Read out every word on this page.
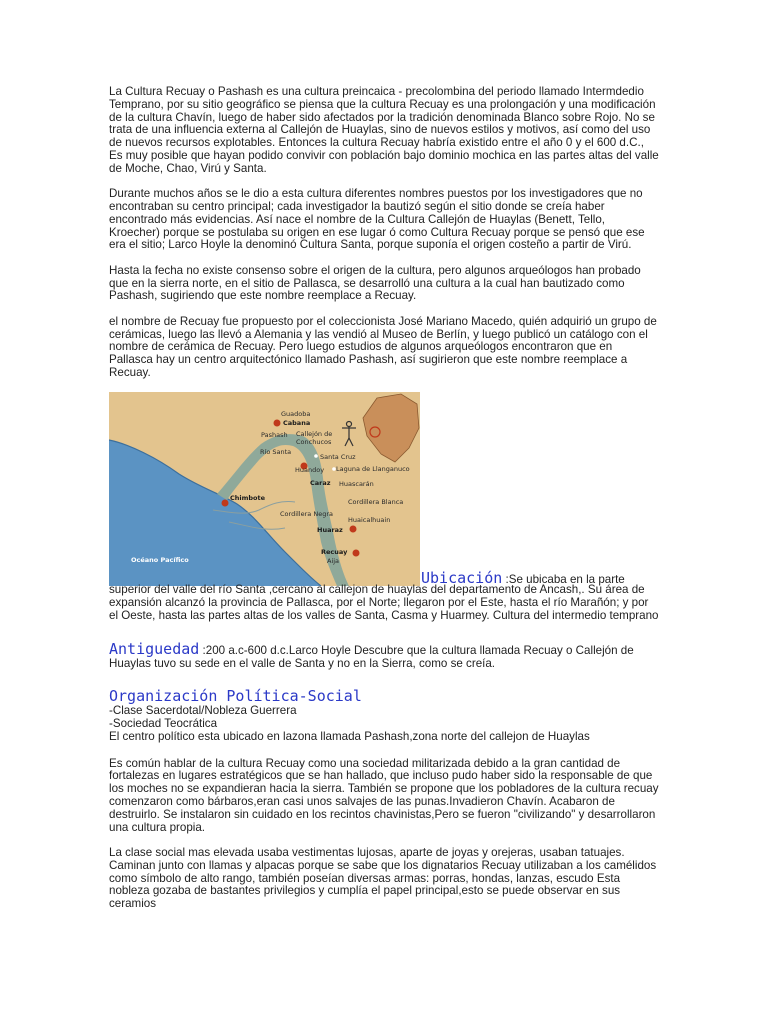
La Cultura Recuay o Pashash es una cultura preincaica - precolombina del periodo llamado Intermdedio Temprano, por su sitio geográfico se piensa que la cultura Recuay es una prolongación y una modificación de la cultura Chavín, luego de haber sido afectados por la tradición denominada Blanco sobre Rojo. No se trata de una influencia externa al Callejón de Huaylas, sino de nuevos estilos y motivos, así como del uso de nuevos recursos explotables. Entonces la cultura Recuay habría existido entre el año 0 y el 600 d.C., Es muy posible que hayan podido convivir con población bajo dominio mochica en las partes altas del valle de Moche, Chao, Virú y Santa.

Durante muchos años se le dio a esta cultura diferentes nombres puestos por los investigadores que no encontraban su centro principal; cada investigador la bautizó según el sitio donde se creía haber encontrado más evidencias. Así nace el nombre de la Cultura Callejón de Huaylas (Benett, Tello, Kroecher) porque se postulaba su origen en ese lugar ó como Cultura Recuay porque se pensó que ese era el sitio; Larco Hoyle la denominó Cultura Santa, porque suponía el origen costeño a partir de Virú.

Hasta la fecha no existe consenso sobre el origen de la cultura, pero algunos arqueólogos han probado que en la sierra norte, en el sitio de Pallasca, se desarrolló una cultura a la cual han bautizado como Pashash, sugiriendo que este nombre reemplace a Recuay.

el nombre de Recuay fue propuesto por el coleccionista José Mariano Macedo, quién adquirió un grupo de cerámicas, luego las llevó a Alemania y las vendió al Museo de Berlín, y luego publicó un catálogo con el nombre de cerámica de Recuay. Pero luego estudios de algunos arqueólogos encontraron que en Pallasca hay un centro arquitectónico llamado Pashash, así sugirieron que este nombre reemplace a Recuay.

Guadoba
Cabana
Pashash Callejón de
Conchucos
Río Santa
Santa Cruz
Huandoy Laguna de Llanganuco
Caraz Huascarán
Cordillera Blanca
Chimbote
Cordillera Negra
Huaicalhuain
Huaraz
Recuay
Aija
Océano Pacífico
Ubicación :Se ubicaba en la parte
superior del valle del río Santa ,cercano al callejon de huaylas del departamento de Ancash,. Su área de expansión alcanzó la provincia de Pallasca, por el Norte; llegaron por el Este, hasta el río Marañón; y por el Oeste, hasta las partes altas de los valles de Santa, Casma y Huarmey. Cultura del intermedio temprano
Antiguedad :200 a.c-600 d.c.Larco Hoyle Descubre que la cultura llamada Recuay o Callejón de Huaylas tuvo su sede en el valle de Santa y no en la Sierra, como se creía.
Organización Política-Social
-Clase Sacerdotal/Nobleza Guerrera
-Sociedad Teocrática
El centro político esta ubicado en lazona llamada Pashash,zona norte del callejon de Huaylas

Es común hablar de la cultura Recuay como una sociedad militarizada debido a la gran cantidad de fortalezas en lugares estratégicos que se han hallado, que incluso pudo haber sido la responsable de que los moches no se expandieran hacia la sierra. También se propone que los pobladores de la cultura recuay comenzaron como bárbaros,eran casi unos salvajes de las punas.Invadieron Chavín. Acabaron de destruirlo. Se instalaron sin cuidado en los recintos chavinistas,Pero se fueron "civilizando" y desarrollaron una cultura propia.

La clase social mas elevada usaba vestimentas lujosas, aparte de joyas y orejeras, usaban tatuajes. Caminan junto con llamas y alpacas porque se sabe que los dignatarios Recuay utilizaban a los camélidos como símbolo de alto rango, también poseían diversas armas: porras, hondas, lanzas, escudo Esta nobleza gozaba de bastantes privilegios y cumplía el papel principal,esto se puede observar en sus ceramios
